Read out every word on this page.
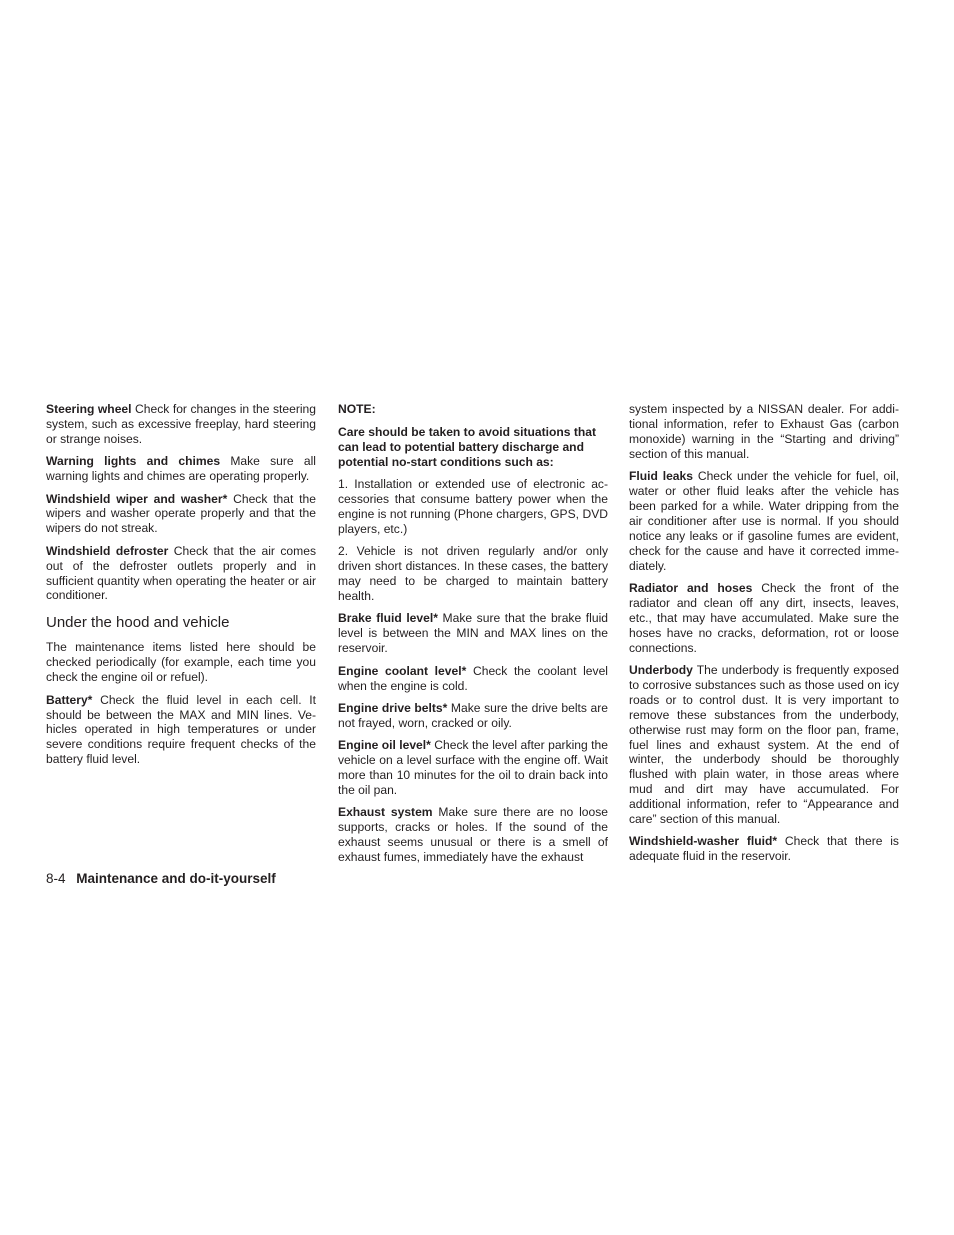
Steering wheel Check for changes in the steering system, such as excessive freeplay, hard steering or strange noises.

Warning lights and chimes Make sure all warning lights and chimes are operating properly.

Windshield wiper and washer* Check that the wipers and washer operate properly and that the wipers do not streak.

Windshield defroster Check that the air comes out of the defroster outlets properly and in sufficient quantity when operating the heater or air conditioner.

Under the hood and vehicle

The maintenance items listed here should be checked periodically (for example, each time you check the engine oil or refuel).

Battery* Check the fluid level in each cell. It should be between the MAX and MIN lines. Vehicles operated in high temperatures or under severe conditions require frequent checks of the battery fluid level.

NOTE:

Care should be taken to avoid situations that can lead to potential battery discharge and potential no-start conditions such as:

1. Installation or extended use of electronic accessories that consume battery power when the engine is not running (Phone chargers, GPS, DVD players, etc.)

2. Vehicle is not driven regularly and/or only driven short distances. In these cases, the battery may need to be charged to maintain battery health.

Brake fluid level* Make sure that the brake fluid level is between the MIN and MAX lines on the reservoir.

Engine coolant level* Check the coolant level when the engine is cold.

Engine drive belts* Make sure the drive belts are not frayed, worn, cracked or oily.

Engine oil level* Check the level after parking the vehicle on a level surface with the engine off. Wait more than 10 minutes for the oil to drain back into the oil pan.

Exhaust system Make sure there are no loose supports, cracks or holes. If the sound of the exhaust seems unusual or there is a smell of exhaust fumes, immediately have the exhaust

system inspected by a NISSAN dealer. For additional information, refer to Exhaust Gas (carbon monoxide) warning in the “Starting and driving” section of this manual.

Fluid leaks Check under the vehicle for fuel, oil, water or other fluid leaks after the vehicle has been parked for a while. Water dripping from the air conditioner after use is normal. If you should notice any leaks or if gasoline fumes are evident, check for the cause and have it corrected immediately.

Radiator and hoses Check the front of the radiator and clean off any dirt, insects, leaves, etc., that may have accumulated. Make sure the hoses have no cracks, deformation, rot or loose connections.

Underbody The underbody is frequently exposed to corrosive substances such as those used on icy roads or to control dust. It is very important to remove these substances from the underbody, otherwise rust may form on the floor pan, frame, fuel lines and exhaust system. At the end of winter, the underbody should be thoroughly flushed with plain water, in those areas where mud and dirt may have accumulated. For additional information, refer to “Appearance and care” section of this manual.

Windshield-washer fluid* Check that there is adequate fluid in the reservoir.

8-4 Maintenance and do-it-yourself
